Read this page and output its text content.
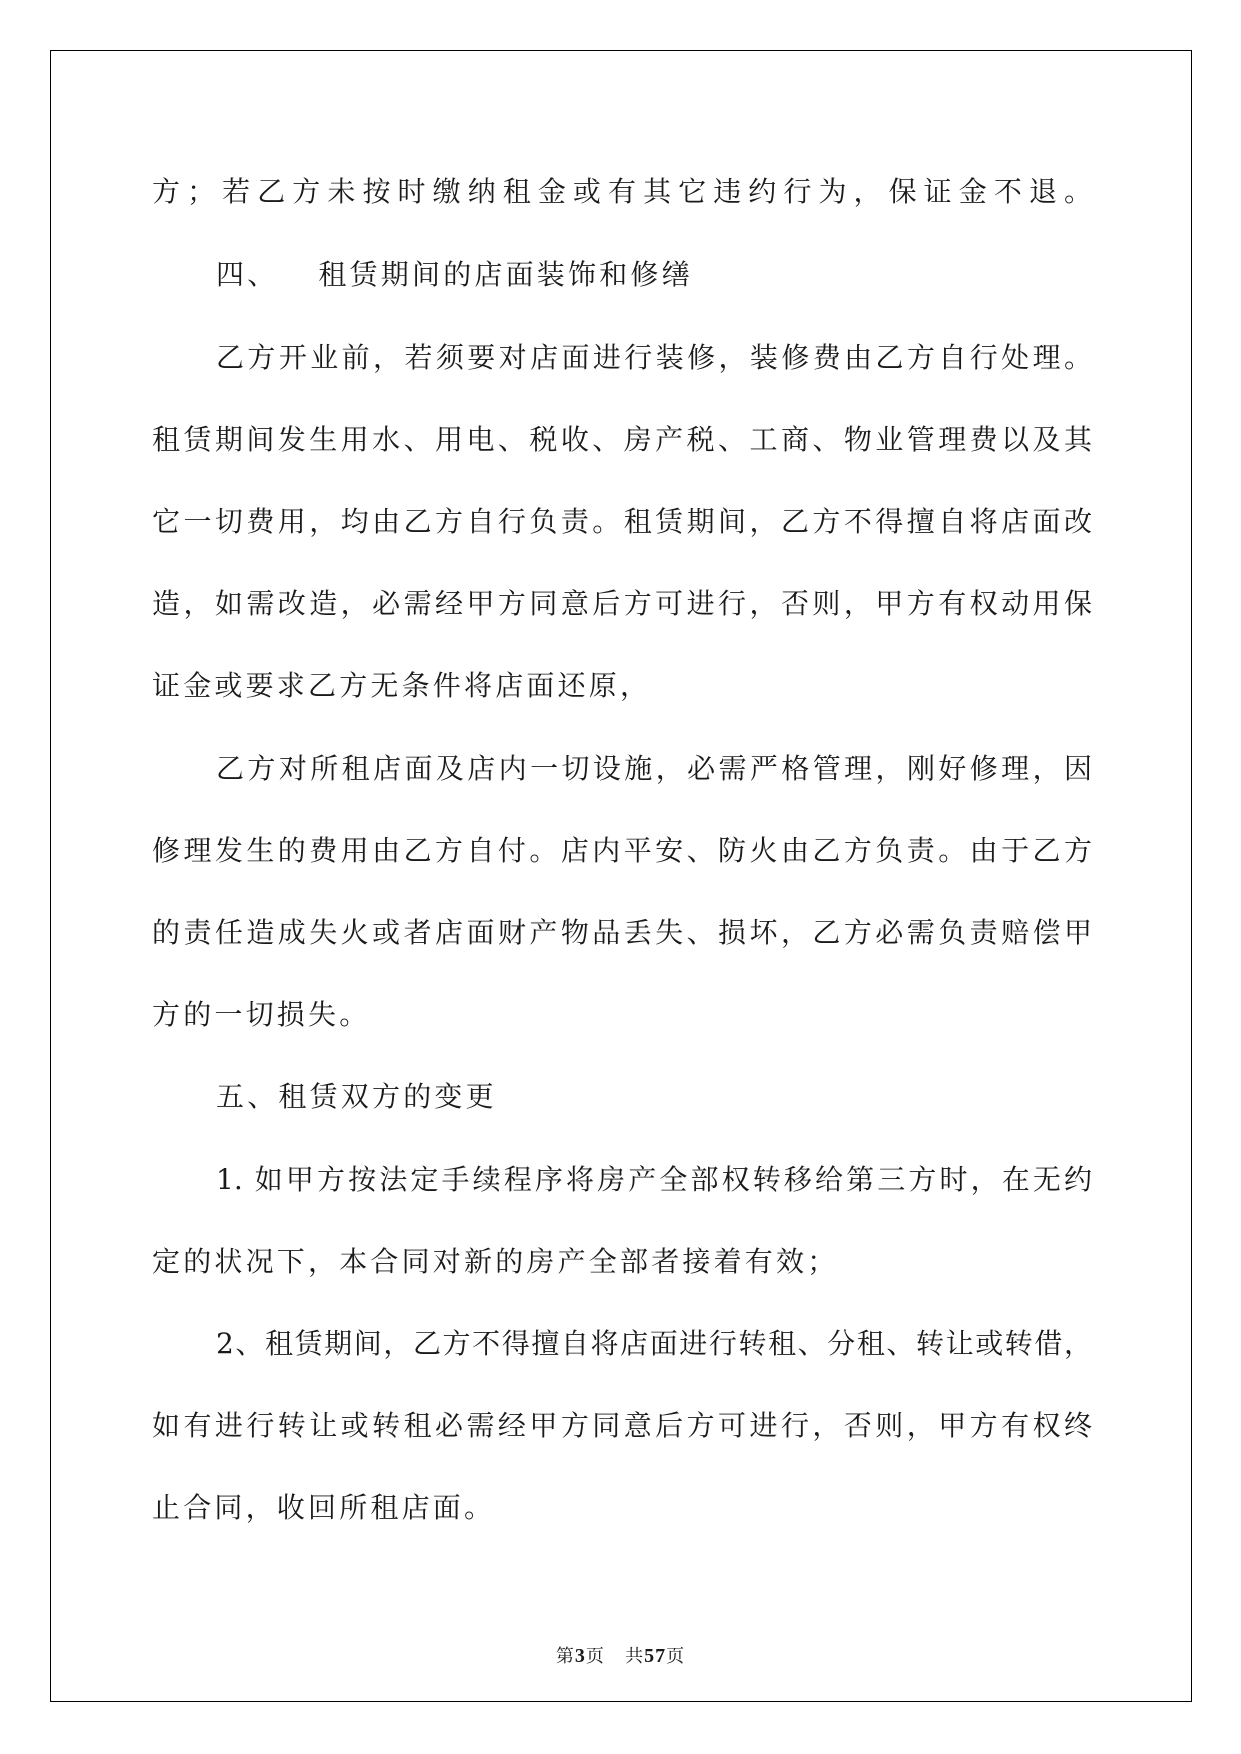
方；若乙方未按时缴纳租金或有其它违约行为，保证金不退。
四、 租赁期间的店面装饰和修缮
乙方开业前，若须要对店面进行装修，装修费由乙方自行处理。
租赁期间发生用水、用电、税收、房产税、工商、物业管理费以及其
它一切费用，均由乙方自行负责。租赁期间，乙方不得擅自将店面改
造，如需改造，必需经甲方同意后方可进行，否则，甲方有权动用保
证金或要求乙方无条件将店面还原，
乙方对所租店面及店内一切设施，必需严格管理，刚好修理，因
修理发生的费用由乙方自付。店内平安、防火由乙方负责。由于乙方
的责任造成失火或者店面财产物品丢失、损坏，乙方必需负责赔偿甲
方的一切损失。
五、租赁双方的变更
1. 如甲方按法定手续程序将房产全部权转移给第三方时，在无约
定的状况下，本合同对新的房产全部者接着有效；
2、租赁期间，乙方不得擅自将店面进行转租、分租、转让或转借，
如有进行转让或转租必需经甲方同意后方可进行，否则，甲方有权终
止合同，收回所租店面。
第3页 共57页
